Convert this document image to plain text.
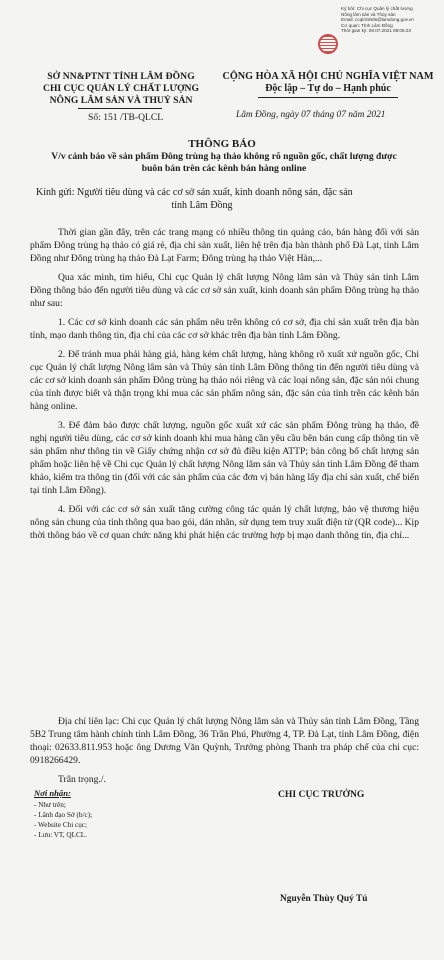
Ký bởi: Chi cục Quản lý chất lượng
Nông lâm sản và Thủy sản
Email: ccqlclnlstls@lamdong.gov.vn
Cơ quan: Tỉnh Lâm Đồng
Thời gian ký: 08.07.2021 08:05:23
SỞ NN&PTNT TỈNH LÂM ĐỒNG
CHI CỤC QUẢN LÝ CHẤT LƯỢNG
NÔNG LÂM SẢN VÀ THUỶ SẢN
Số: 151 /TB-QLCL
CỘNG HÒA XÃ HỘI CHỦ NGHĨA VIỆT NAM
Độc lập – Tự do – Hạnh phúc
Lâm Đồng, ngày 07 tháng 07 năm 2021
THÔNG BÁO
V/v cảnh báo về sản phẩm Đông trùng hạ thảo không rõ nguồn gốc, chất lượng được buôn bán trên các kênh bán hàng online
Kính gửi: Người tiêu dùng và các cơ sở sản xuất, kinh doanh nông sản, đặc sản
tỉnh Lâm Đồng

Thời gian gần đây, trên các trang mạng có nhiều thông tin quảng cáo, bán hàng đối với sản phẩm Đông trùng hạ thảo có giá rẻ, địa chỉ sản xuất, liên hệ trên địa bàn thành phố Đà Lạt, tỉnh Lâm Đồng như Đông trùng hạ thảo Đà Lạt Farm; Đông trùng hạ thảo Việt Hàn,...

Qua xác minh, tìm hiểu, Chi cục Quản lý chất lượng Nông lâm sản và Thủy sản tỉnh Lâm Đồng thông báo đến người tiêu dùng và các cơ sở sản xuất, kinh doanh sản phẩm Đông trùng hạ thảo như sau:

1. Các cơ sở kinh doanh các sản phẩm nêu trên không có cơ sở, địa chỉ sản xuất trên địa bàn tỉnh, mạo danh thông tin, địa chỉ của các cơ sở khác trên địa bàn tỉnh Lâm Đồng.

2. Để tránh mua phải hàng giả, hàng kém chất lượng, hàng không rõ xuất xứ nguồn gốc, Chi cục Quản lý chất lượng Nông lâm sản và Thủy sản tỉnh Lâm Đồng thông tin đến người tiêu dùng và các cơ sở kinh doanh sản phẩm Đông trùng hạ thảo nói riêng và các loại nông sản, đặc sản nói chung của tỉnh được biết và thận trọng khi mua các sản phẩm nông sản, đặc sản của tỉnh trên các kênh bán hàng online.

3. Để đảm bảo được chất lượng, nguồn gốc xuất xứ các sản phẩm Đông trùng hạ thảo, đề nghị người tiêu dùng, các cơ sở kinh doanh khi mua hàng cần yêu cầu bên bán cung cấp thông tin về sản phẩm như thông tin về Giấy chứng nhận cơ sở đủ điều kiện ATTP; bản công bố chất lượng sản phẩm hoặc liên hệ về Chi cục Quản lý chất lượng Nông lâm sản và Thủy sản tỉnh Lâm Đồng để tham khảo, kiểm tra thông tin (đối với các sản phẩm của các đơn vị bán hàng lấy địa chỉ sản xuất, chế biến tại tỉnh Lâm Đồng).

4. Đối với các cơ sở sản xuất tăng cường công tác quản lý chất lượng, bảo vệ thương hiệu nông sản chung của tỉnh thông qua bao gói, dán nhãn, sử dụng tem truy xuất điện tử (QR code)... Kịp thời thông báo về cơ quan chức năng khi phát hiện các trường hợp bị mạo danh thông tin, địa chỉ...

Địa chỉ liên lạc: Chi cục Quản lý chất lượng Nông lâm sản và Thủy sản tỉnh Lâm Đồng, Tầng 5B2 Trung tâm hành chính tỉnh Lâm Đồng, 36 Trần Phú, Phường 4, TP. Đà Lạt, tỉnh Lâm Đồng, điện thoại: 02633.811.953 hoặc ông Dương Văn Quỳnh, Trưởng phòng Thanh tra pháp chế của chi cục: 0918266429.

Trân trọng./.

Nơi nhận:
- Như trên;
- Lãnh đạo Sở (b/c);
- Website Chi cục;
- Lưu: VT, QLCL.
CHI CỤC TRƯỞNG
Nguyễn Thùy Quý Tú
